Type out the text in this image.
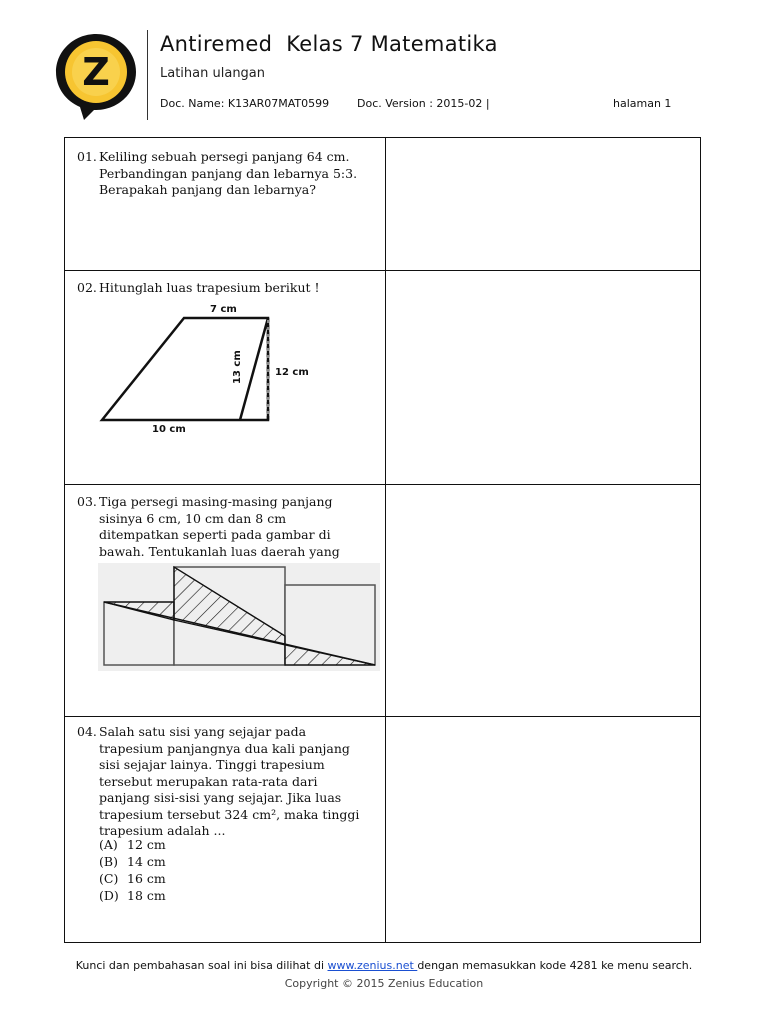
Z
Antiremed  Kelas 7 Matematika
Latihan ulangan
Doc. Name: K13AR07MAT0599	Doc. Version : 2015-02 |	halaman 1
01. Keliling sebuah persegi panjang 64 cm. Perbandingan panjang dan lebarnya 5:3. Berapakah panjang dan lebarnya?
02. Hitunglah luas trapesium berikut !
7 cm
13 cm	12 cm
10 cm
03. Tiga persegi masing-masing panjang sisinya 6 cm, 10 cm dan 8 cm ditempatkan seperti pada gambar di bawah. Tentukanlah luas daerah yang
04. Salah satu sisi yang sejajar pada trapesium panjangnya dua kali panjang sisi sejajar lainya. Tinggi trapesium tersebut merupakan rata-rata dari panjang sisi-sisi yang sejajar. Jika luas trapesium tersebut 324 cm², maka tinggi trapesium adalah ...
(A) 12 cm
(B) 14 cm
(C) 16 cm
(D) 18 cm
Kunci dan pembahasan soal ini bisa dilihat di www.zenius.net dengan memasukkan kode 4281 ke menu search.
Copyright © 2015 Zenius Education
